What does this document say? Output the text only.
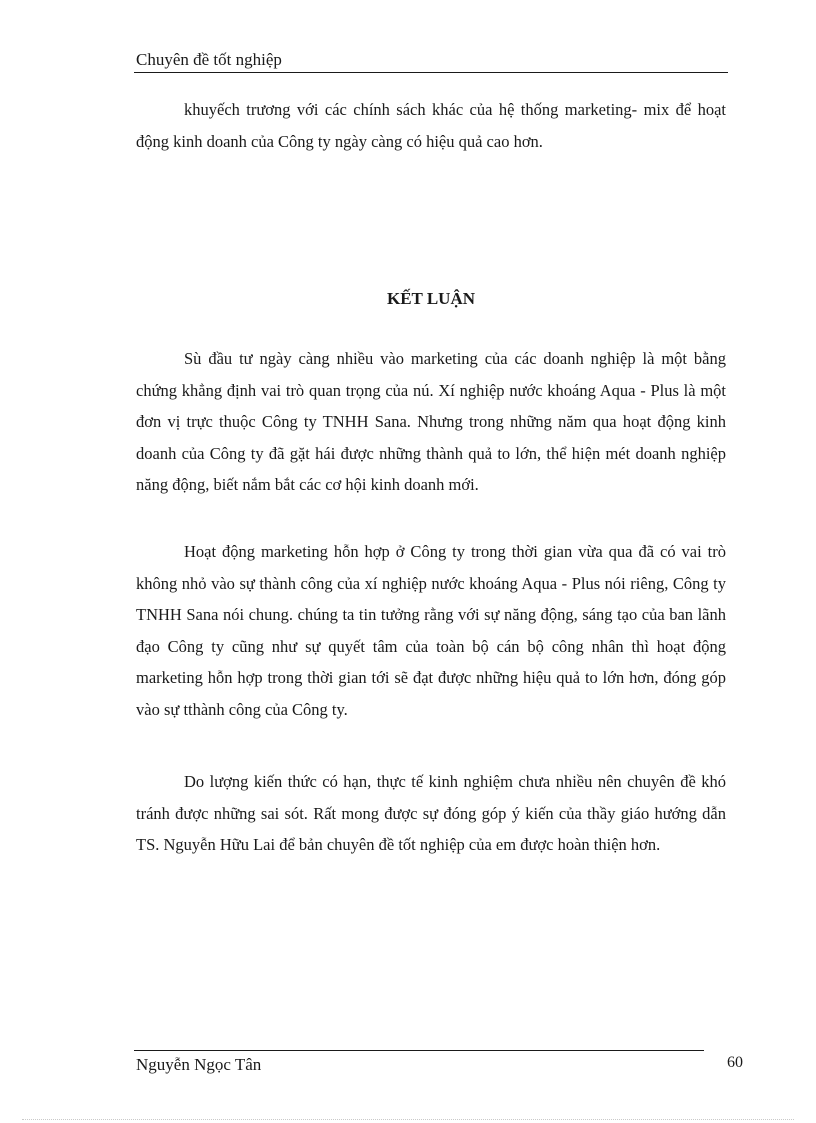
Chuyên đề tốt nghiệp

khuyếch trương với các chính sách khác của hệ thống marketing- mix để hoạt động kinh doanh của Công ty ngày càng có hiệu quả cao hơn.

KẾT LUẬN

Sù đầu tư ngày càng nhiều vào marketing của các doanh nghiệp là một bằng chứng khẳng định vai trò quan trọng của nú. Xí nghiệp nước khoáng Aqua - Plus là một đơn vị trực thuộc Công ty TNHH Sana. Nhưng trong những năm qua hoạt động kinh doanh của Công ty đã gặt hái được những thành quả to lớn, thể hiện mét doanh nghiệp năng động, biết nắm bắt các cơ hội kinh doanh mới.

Hoạt động marketing hỗn hợp ở Công ty trong thời gian vừa qua đã có vai trò không nhỏ vào sự thành công của xí nghiệp nước khoáng Aqua - Plus nói riêng, Công ty TNHH Sana nói chung. chúng ta tin tưởng rằng với sự năng động, sáng tạo của ban lãnh đạo Công ty cũng như sự quyết tâm của toàn bộ cán bộ công nhân thì hoạt động marketing hỗn hợp trong thời gian tới sẽ đạt được những hiệu quả to lớn hơn, đóng góp vào sự tthành công của Công ty.

Do lượng kiến thức có hạn, thực tế kinh nghiệm chưa nhiều nên chuyên đề khó tránh được những sai sót. Rất mong được sự đóng góp ý kiến của thầy giáo hướng dẫn TS. Nguyễn Hữu Lai để bản chuyên đề tốt nghiệp của em được hoàn thiện hơn.

Nguyễn Ngọc Tân	60
